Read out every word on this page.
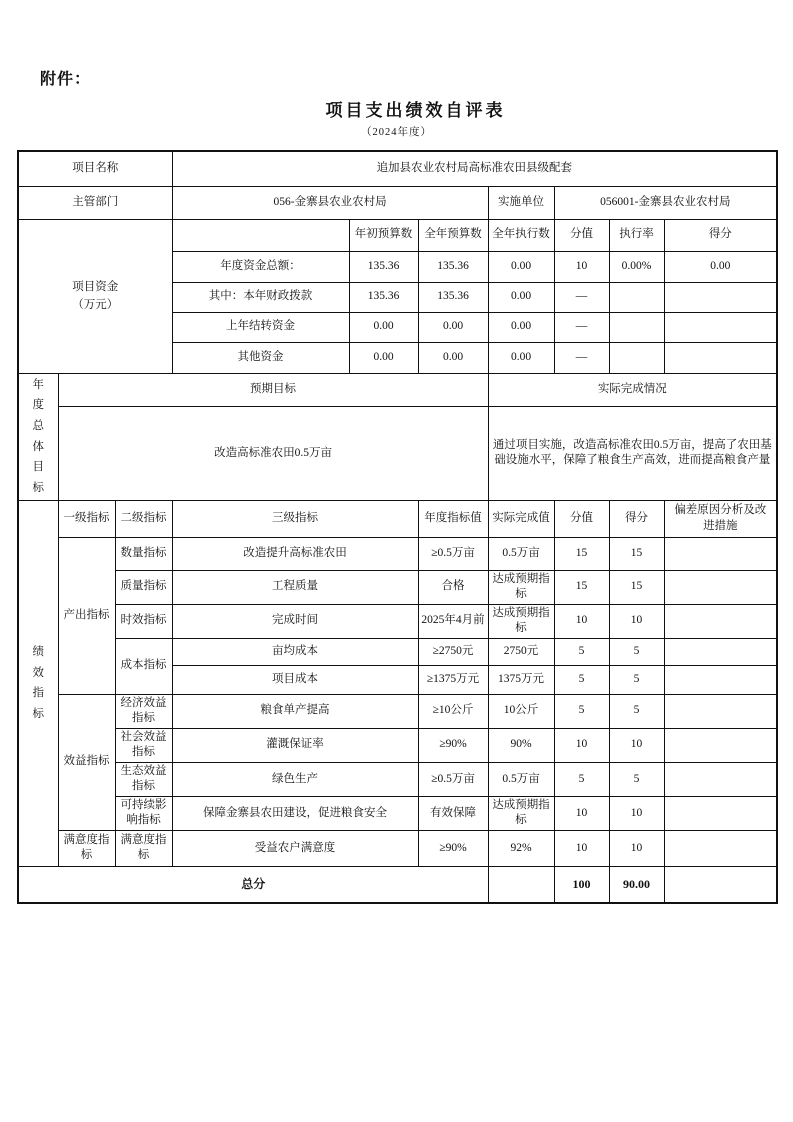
附件：
项目支出绩效自评表
（2024年度）
项目名称			追加县农业农村局高标准农田县级配套						
主管部门			056-金寨县农业农村局			实施单位	056001-金寨县农业农村局		
项目资金（万元）				年初预算数	全年预算数	全年执行数	分值	执行率	得分
			年度资金总额：	135.36	135.36	0.00	10	0.00%	0.00
			其中：本年财政拨款	135.36	135.36	0.00	—		
			上年结转资金	0.00	0.00	0.00	—		
			其他资金	0.00	0.00	0.00	—		
年度总体目标	预期目标					实际完成情况			
	改造高标准农田0.5万亩					通过项目实施，改造高标准农田0.5万亩，提高了农田基础设施水平，保障了粮食生产高效，进而提高粮食产量			
绩效指标	一级指标	二级指标	三级指标		年度指标值	实际完成值	分值	得分	偏差原因分析及改进措施
	产出指标	数量指标	改造提升高标准农田		≥0.5万亩	0.5万亩	15	15	
		质量指标	工程质量		合格	达成预期指标	15	15	
		时效指标	完成时间		2025年4月前	达成预期指标	10	10	
		成本指标	亩均成本		≥2750元	2750元	5	5	
			项目成本		≥1375万元	1375万元	5	5	
	效益指标	经济效益指标	粮食单产提高		≥10公斤	10公斤	5	5	
		社会效益指标	灌溉保证率		≥90%	90%	10	10	
		生态效益指标	绿色生产		≥0.5万亩	0.5万亩	5	5	
		可持续影响指标	保障金寨县农田建设，促进粮食安全		有效保障	达成预期指标	10	10	
	满意度指标	满意度指标	受益农户满意度		≥90%	92%	10	10	
总分							100	90.00	
